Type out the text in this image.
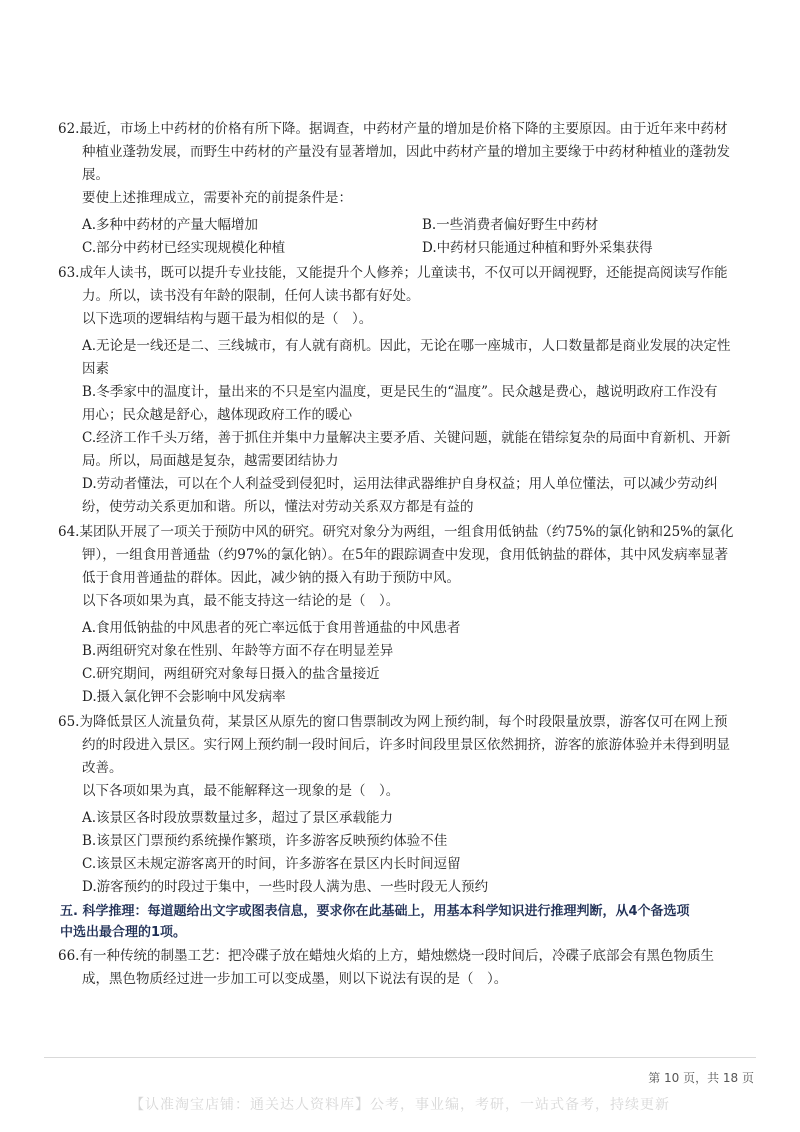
62.最近，市场上中药材的价格有所下降。据调查，中药材产量的增加是价格下降的主要原因。由于近年来中药材
种植业蓬勃发展，而野生中药材的产量没有显著增加，因此中药材产量的增加主要缘于中药材种植业的蓬勃发
展。
要使上述推理成立，需要补充的前提条件是：
A.多种中药材的产量大幅增加	B.一些消费者偏好野生中药材
C.部分中药材已经实现规模化种植	D.中药材只能通过种植和野外采集获得
63.成年人读书，既可以提升专业技能，又能提升个人修养；儿童读书，不仅可以开阔视野，还能提高阅读写作能
力。所以，读书没有年龄的限制，任何人读书都有好处。
以下选项的逻辑结构与题干最为相似的是（　）。
A.无论是一线还是二、三线城市，有人就有商机。因此，无论在哪一座城市，人口数量都是商业发展的决定性
因素
B.冬季家中的温度计，量出来的不只是室内温度，更是民生的“温度”。民众越是费心，越说明政府工作没有
用心；民众越是舒心，越体现政府工作的暖心
C.经济工作千头万绪，善于抓住并集中力量解决主要矛盾、关键问题，就能在错综复杂的局面中育新机、开新
局。所以，局面越是复杂，越需要团结协力
D.劳动者懂法，可以在个人利益受到侵犯时，运用法律武器维护自身权益；用人单位懂法，可以减少劳动纠
纷，使劳动关系更加和谐。所以，懂法对劳动关系双方都是有益的
64.某团队开展了一项关于预防中风的研究。研究对象分为两组，一组食用低钠盐（约75%的氯化钠和25%的氯化
钾），一组食用普通盐（约97%的氯化钠）。在5年的跟踪调查中发现，食用低钠盐的群体，其中风发病率显著
低于食用普通盐的群体。因此，减少钠的摄入有助于预防中风。
以下各项如果为真，最不能支持这一结论的是（　）。
A.食用低钠盐的中风患者的死亡率远低于食用普通盐的中风患者
B.两组研究对象在性别、年龄等方面不存在明显差异
C.研究期间，两组研究对象每日摄入的盐含量接近
D.摄入氯化钾不会影响中风发病率
65.为降低景区人流量负荷，某景区从原先的窗口售票制改为网上预约制，每个时段限量放票，游客仅可在网上预
约的时段进入景区。实行网上预约制一段时间后，许多时间段里景区依然拥挤，游客的旅游体验并未得到明显
改善。
以下各项如果为真，最不能解释这一现象的是（　）。
A.该景区各时段放票数量过多，超过了景区承载能力
B.该景区门票预约系统操作繁琐，许多游客反映预约体验不佳
C.该景区未规定游客离开的时间，许多游客在景区内长时间逗留
D.游客预约的时段过于集中，一些时段人满为患、一些时段无人预约
五. 科学推理：每道题给出文字或图表信息，要求你在此基础上，用基本科学知识进行推理判断，从4个备选项
中选出最合理的1项。
66.有一种传统的制墨工艺：把冷碟子放在蜡烛火焰的上方，蜡烛燃烧一段时间后，冷碟子底部会有黑色物质生
成，黑色物质经过进一步加工可以变成墨，则以下说法有误的是（　）。
第 10 页，共 18 页
【认准淘宝店铺：通关达人资料库】公考，事业编，考研，一站式备考，持续更新
